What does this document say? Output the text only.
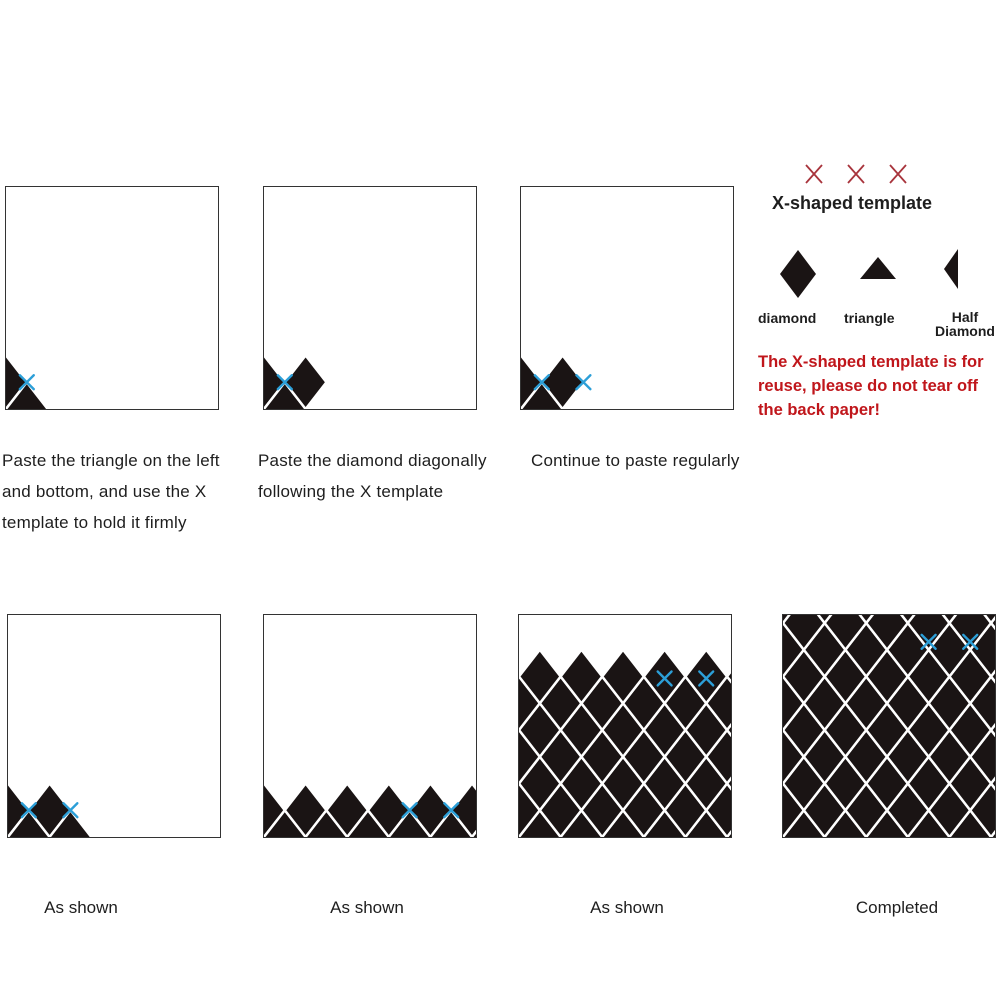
Paste the triangle on the left
and bottom, and use the X
template to hold it firmly
Paste the diamond diagonally
following the X template
Continue to paste regularly
X-shaped template
diamond triangle	Half
Diamond
The X-shaped template is for
reuse, please do not tear off
the back paper!
As shown	As shown	As shown	Completed
